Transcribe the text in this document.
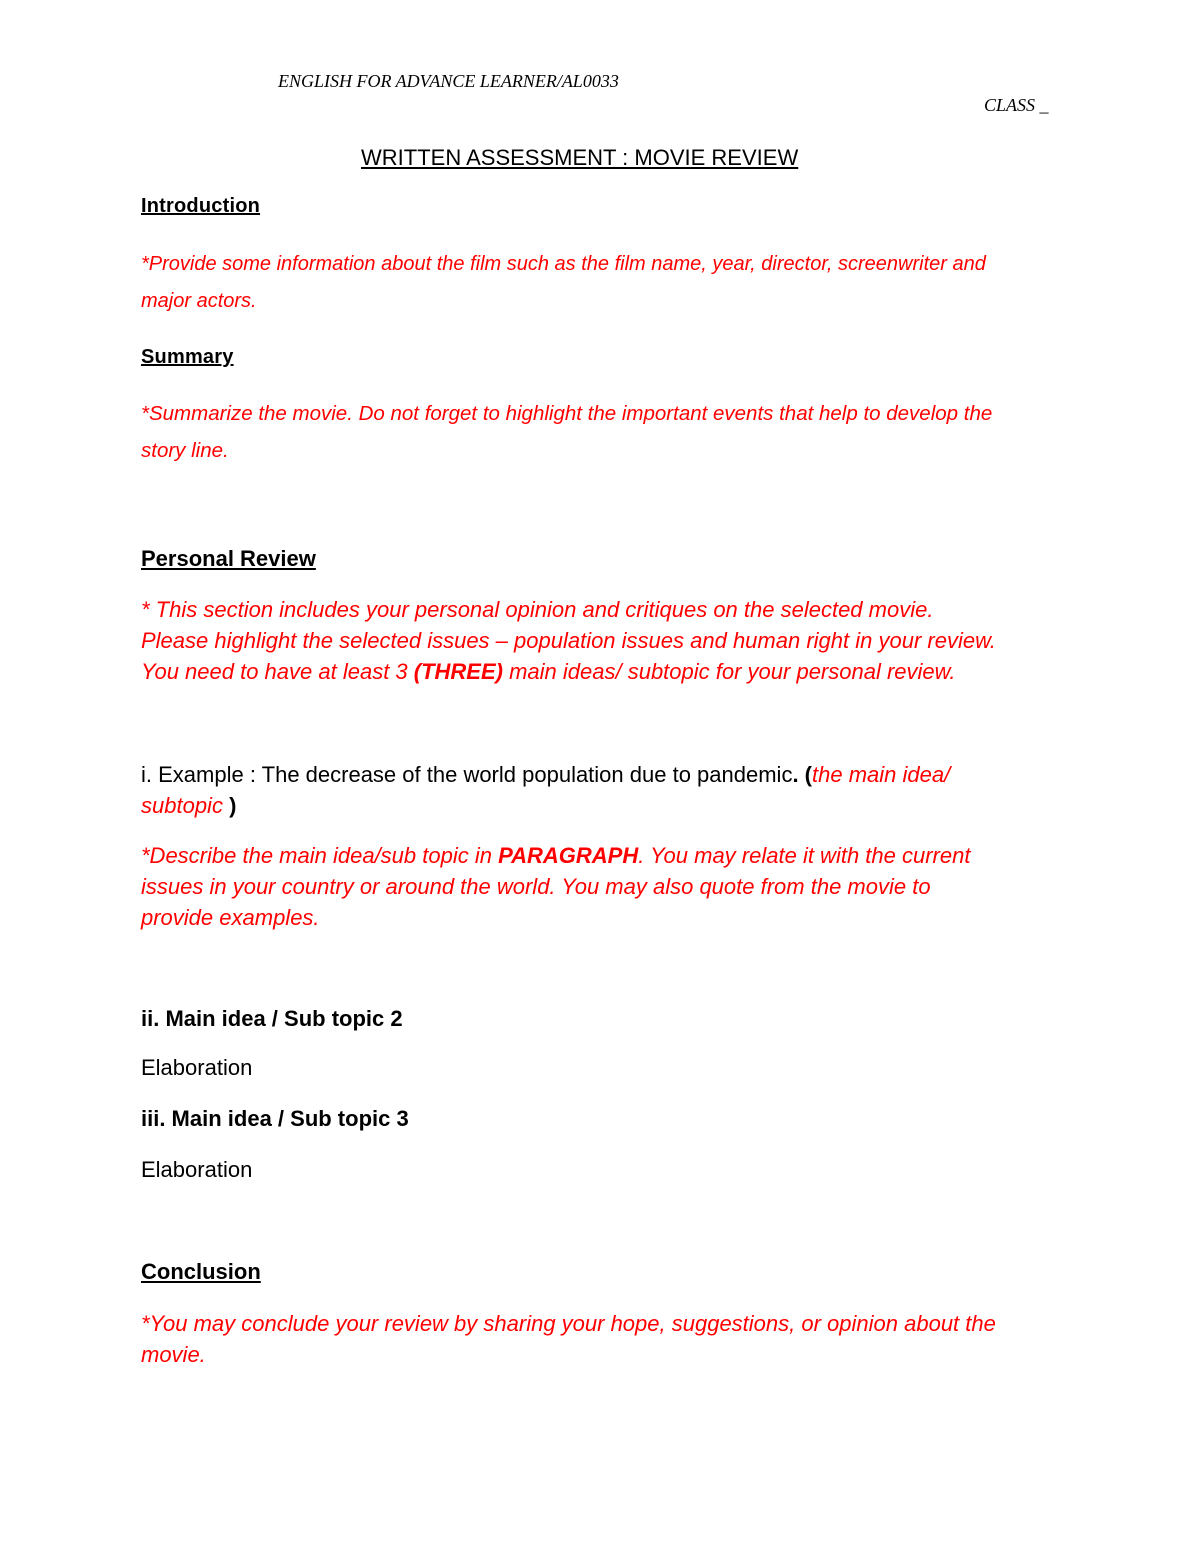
ENGLISH FOR ADVANCE LEARNER/AL0033

CLASS _

WRITTEN ASSESSMENT : MOVIE REVIEW

Introduction

*Provide some information about the film such as the film name, year, director, screenwriter and
major actors.

Summary

*Summarize the movie. Do not forget to highlight the important events that help to develop the
story line.

Personal Review

* This section includes your personal opinion and critiques on the selected movie.
Please highlight the selected issues – population issues and human right in your review.
You need to have at least 3 (THREE) main ideas/ subtopic for your personal review.
i. Example : The decrease of the world population due to pandemic. (the main idea/
subtopic )
*Describe the main idea/sub topic in PARAGRAPH. You may relate it with the current
issues in your country or around the world. You may also quote from the movie to
provide examples.

ii. Main idea / Sub topic 2

Elaboration

iii. Main idea / Sub topic 3

Elaboration

Conclusion

*You may conclude your review by sharing your hope, suggestions, or opinion about the
movie.
